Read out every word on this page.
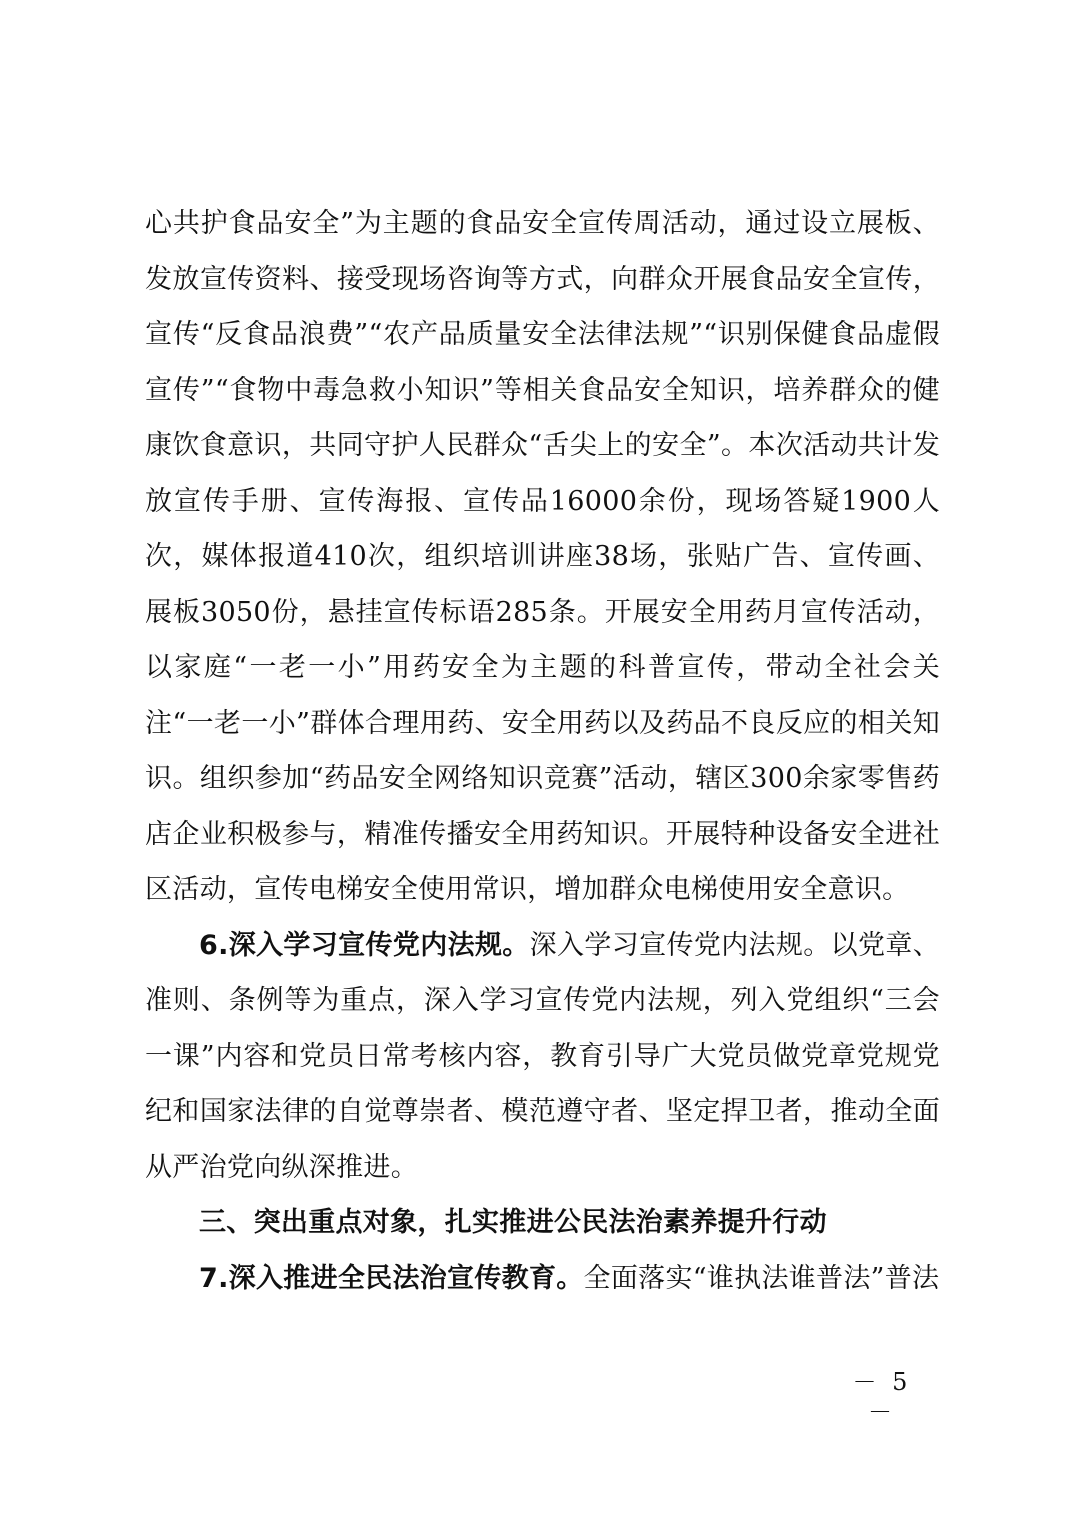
心共护食品安全”为主题的食品安全宣传周活动，通过设立展板、发放宣传资料、接受现场咨询等方式，向群众开展食品安全宣传，宣传“反食品浪费”“农产品质量安全法律法规”“识别保健食品虚假宣传”“食物中毒急救小知识”等相关食品安全知识，培养群众的健康饮食意识，共同守护人民群众“舌尖上的安全”。本次活动共计发放宣传手册、宣传海报、宣传品16000余份，现场答疑1900人次，媒体报道410次，组织培训讲座38场，张贴广告、宣传画、展板3050份，悬挂宣传标语285条。开展安全用药月宣传活动，以家庭“一老一小”用药安全为主题的科普宣传，带动全社会关注“一老一小”群体合理用药、安全用药以及药品不良反应的相关知识。组织参加“药品安全网络知识竞赛”活动，辖区300余家零售药店企业积极参与，精准传播安全用药知识。开展特种设备安全进社区活动，宣传电梯安全使用常识，增加群众电梯使用安全意识。

6.深入学习宣传党内法规。深入学习宣传党内法规。以党章、准则、条例等为重点，深入学习宣传党内法规，列入党组织“三会一课”内容和党员日常考核内容，教育引导广大党员做党章党规党纪和国家法律的自觉尊崇者、模范遵守者、坚定捍卫者，推动全面从严治党向纵深推进。

三、突出重点对象，扎实推进公民法治素养提升行动

7.深入推进全民法治宣传教育。全面落实“谁执法谁普法”普法

－ 5 －
